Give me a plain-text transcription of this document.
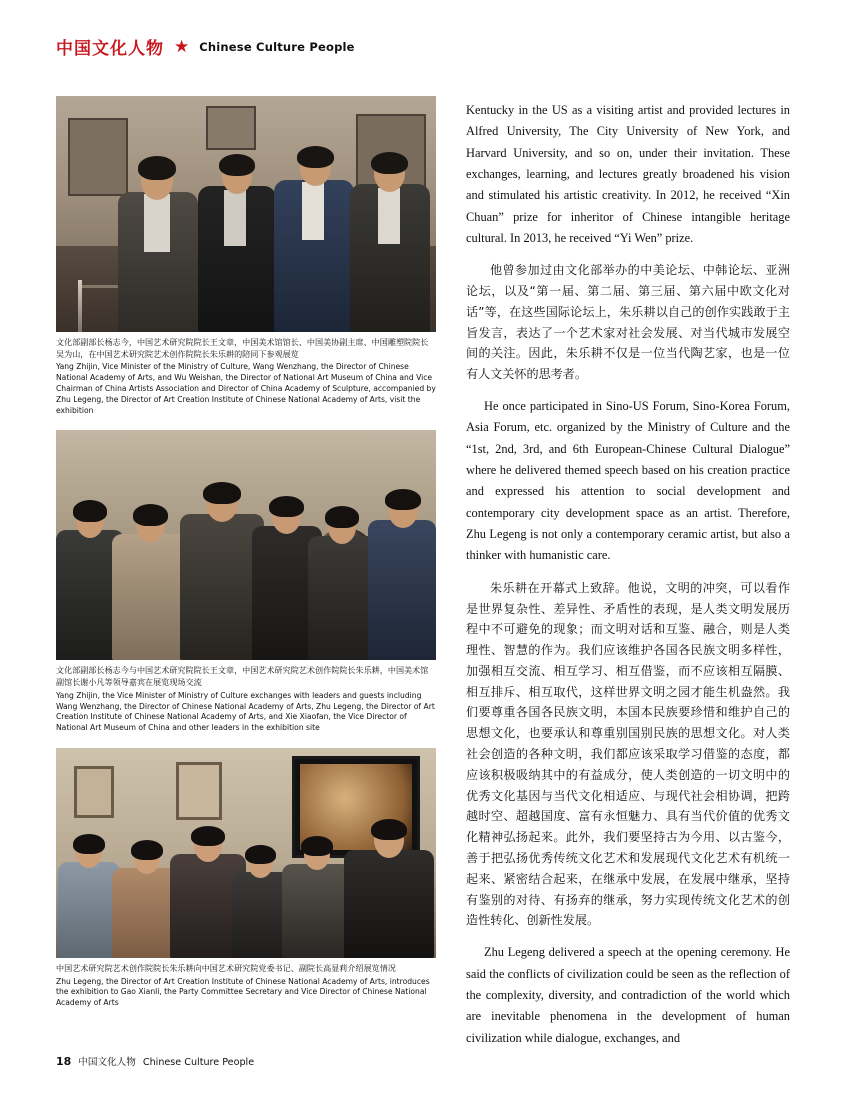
中国文化人物 ★ Chinese Culture People
文化部副部长杨志今，中国艺术研究院院长王文章，中国美术馆馆长、中国美协副主席、中国雕塑院院长吴为山，在中国艺术研究院艺术创作院院长朱乐耕的陪同下参观展览
Yang Zhijin, Vice Minister of the Ministry of Culture, Wang Wenzhang, the Director of Chinese National Academy of Arts, and Wu Weishan, the Director of National Art Museum of China and Vice Chairman of China Artists Association and Director of China Academy of Sculpture, accompanied by Zhu Legeng, the Director of Art Creation Institute of Chinese National Academy of Arts, visit the exhibition
文化部副部长杨志今与中国艺术研究院院长王文章，中国艺术研究院艺术创作院院长朱乐耕，中国美术馆副馆长谢小凡等领导嘉宾在展览现场交流
Yang Zhijin, the Vice Minister of Ministry of Culture exchanges with leaders and guests including Wang Wenzhang, the Director of Chinese National Academy of Arts, Zhu Legeng, the Director of Art Creation Institute of Chinese National Academy of Arts, and Xie Xiaofan, the Vice Director of National Art Museum of China and other leaders in the exhibition site
中国艺术研究院艺术创作院院长朱乐耕向中国艺术研究院党委书记、副院长高显莉介绍展览情况
Zhu Legeng, the Director of Art Creation Institute of Chinese National Academy of Arts, introduces the exhibition to Gao Xianli, the Party Committee Secretary and Vice Director of Chinese National Academy of Arts

Kentucky in the US as a visiting artist and provided lectures in Alfred University, The City University of New York, and Harvard University, and so on, under their invitation. These exchanges, learning, and lectures greatly broadened his vision and stimulated his artistic creativity. In 2012, he received “Xin Chuan” prize for inheritor of Chinese intangible heritage cultural. In 2013, he received “Yi Wen” prize.

他曾参加过由文化部举办的中美论坛、中韩论坛、亚洲论坛，以及“第一届、第二届、第三届、第六届中欧文化对话”等，在这些国际论坛上，朱乐耕以自己的创作实践敢于主旨发言，表达了一个艺术家对社会发展、对当代城市发展空间的关注。因此，朱乐耕不仅是一位当代陶艺家，也是一位有人文关怀的思考者。

He once participated in Sino-US Forum, Sino-Korea Forum, Asia Forum, etc. organized by the Ministry of Culture and the “1st, 2nd, 3rd, and 6th European-Chinese Cultural Dialogue” where he delivered themed speech based on his creation practice and expressed his attention to social development and contemporary city development space as an artist. Therefore, Zhu Legeng is not only a contemporary ceramic artist, but also a thinker with humanistic care.

朱乐耕在开幕式上致辞。他说，文明的冲突，可以看作是世界复杂性、差异性、矛盾性的表现，是人类文明发展历程中不可避免的现象；而文明对话和互鉴、融合，则是人类理性、智慧的作为。我们应该维护各国各民族文明多样性，加强相互交流、相互学习、相互借鉴，而不应该相互隔膜、相互排斥、相互取代，这样世界文明之园才能生机盎然。我们要尊重各国各民族文明，本国本民族要珍惜和维护自己的思想文化，也要承认和尊重别国别民族的思想文化。对人类社会创造的各种文明，我们都应该采取学习借鉴的态度，都应该积极吸纳其中的有益成分，使人类创造的一切文明中的优秀文化基因与当代文化相适应、与现代社会相协调，把跨越时空、超越国度、富有永恒魅力、具有当代价值的优秀文化精神弘扬起来。此外，我们要坚持古为今用、以古鉴今，善于把弘扬优秀传统文化艺术和发展现代文化艺术有机统一起来、紧密结合起来，在继承中发展，在发展中继承，坚持有鉴别的对待、有扬弃的继承，努力实现传统文化艺术的创造性转化、创新性发展。

Zhu Legeng delivered a speech at the opening ceremony. He said the conflicts of civilization could be seen as the reflection of the complexity, diversity, and contradiction of the world which are inevitable phenomena in the development of human civilization while dialogue, exchanges, and

18 中国文化人物 Chinese Culture People
